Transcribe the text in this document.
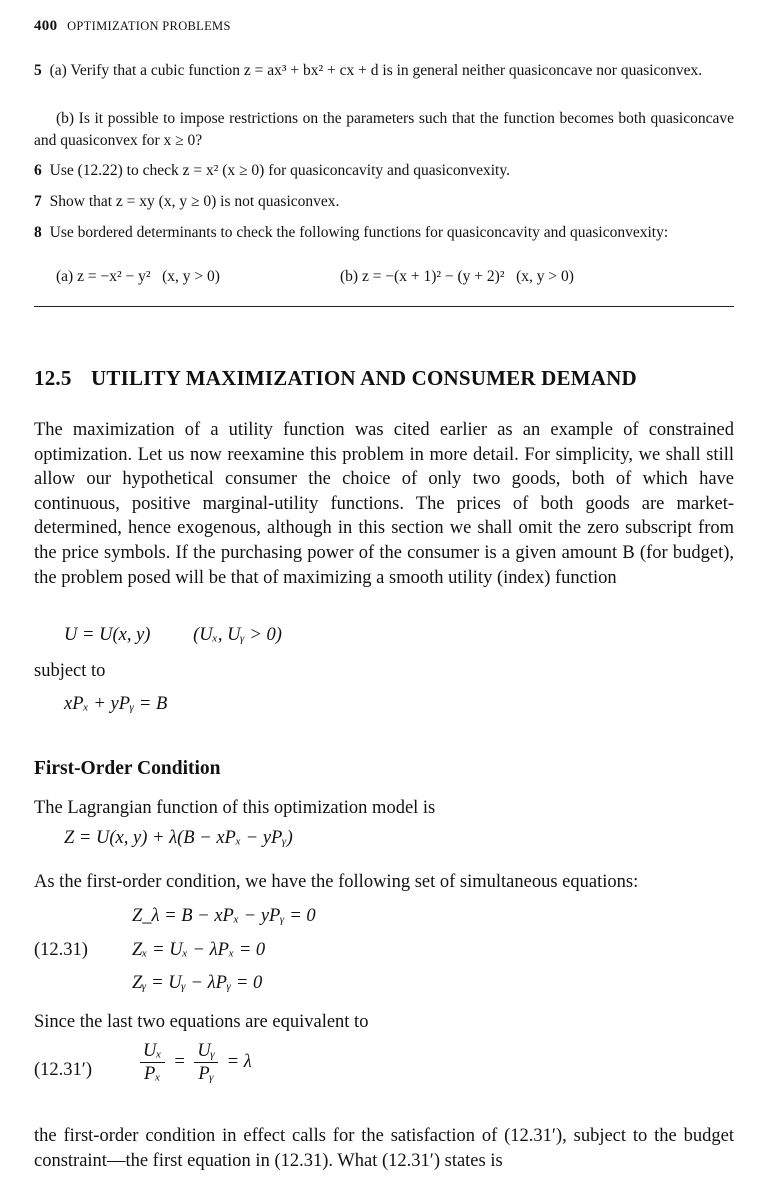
400 OPTIMIZATION PROBLEMS
5 (a) Verify that a cubic function z = ax³ + bx² + cx + d is in general neither quasiconcave nor quasiconvex.
(b) Is it possible to impose restrictions on the parameters such that the function becomes both quasiconcave and quasiconvex for x ≥ 0?
6 Use (12.22) to check z = x² (x ≥ 0) for quasiconcavity and quasiconvexity.
7 Show that z = xy (x, y ≥ 0) is not quasiconvex.
8 Use bordered determinants to check the following functions for quasiconcavity and quasiconvexity:
(a) z = −x² − y²   (x, y > 0)	(b) z = −(x + 1)² − (y + 2)²   (x, y > 0)
12.5 UTILITY MAXIMIZATION AND CONSUMER DEMAND
The maximization of a utility function was cited earlier as an example of constrained optimization. Let us now reexamine this problem in more detail. For simplicity, we shall still allow our hypothetical consumer the choice of only two goods, both of which have continuous, positive marginal-utility functions. The prices of both goods are market-determined, hence exogenous, although in this section we shall omit the zero subscript from the price symbols. If the purchasing power of the consumer is a given amount B (for budget), the problem posed will be that of maximizing a smooth utility (index) function
U = U(x, y) (Uₓ, Uᵧ > 0)
subject to
xPₓ + yPᵧ = B
First-Order Condition
The Lagrangian function of this optimization model is
Z = U(x, y) + λ(B − xPₓ − yPᵧ)
As the first-order condition, we have the following set of simultaneous equations:
Z_λ = B − xPₓ − yPᵧ = 0
(12.31) Zₓ = Uₓ − λPₓ = 0
Zᵧ = Uᵧ − λPᵧ = 0
Since the last two equations are equivalent to
(12.31′)	$\frac{\text{Uₓ}}{\text{Pₓ}} = \frac{\text{Uᵧ}}{\text{Pᵧ}} = \lambda$
the first-order condition in effect calls for the satisfaction of (12.31′), subject to the budget constraint—the first equation in (12.31). What (12.31′) states is
